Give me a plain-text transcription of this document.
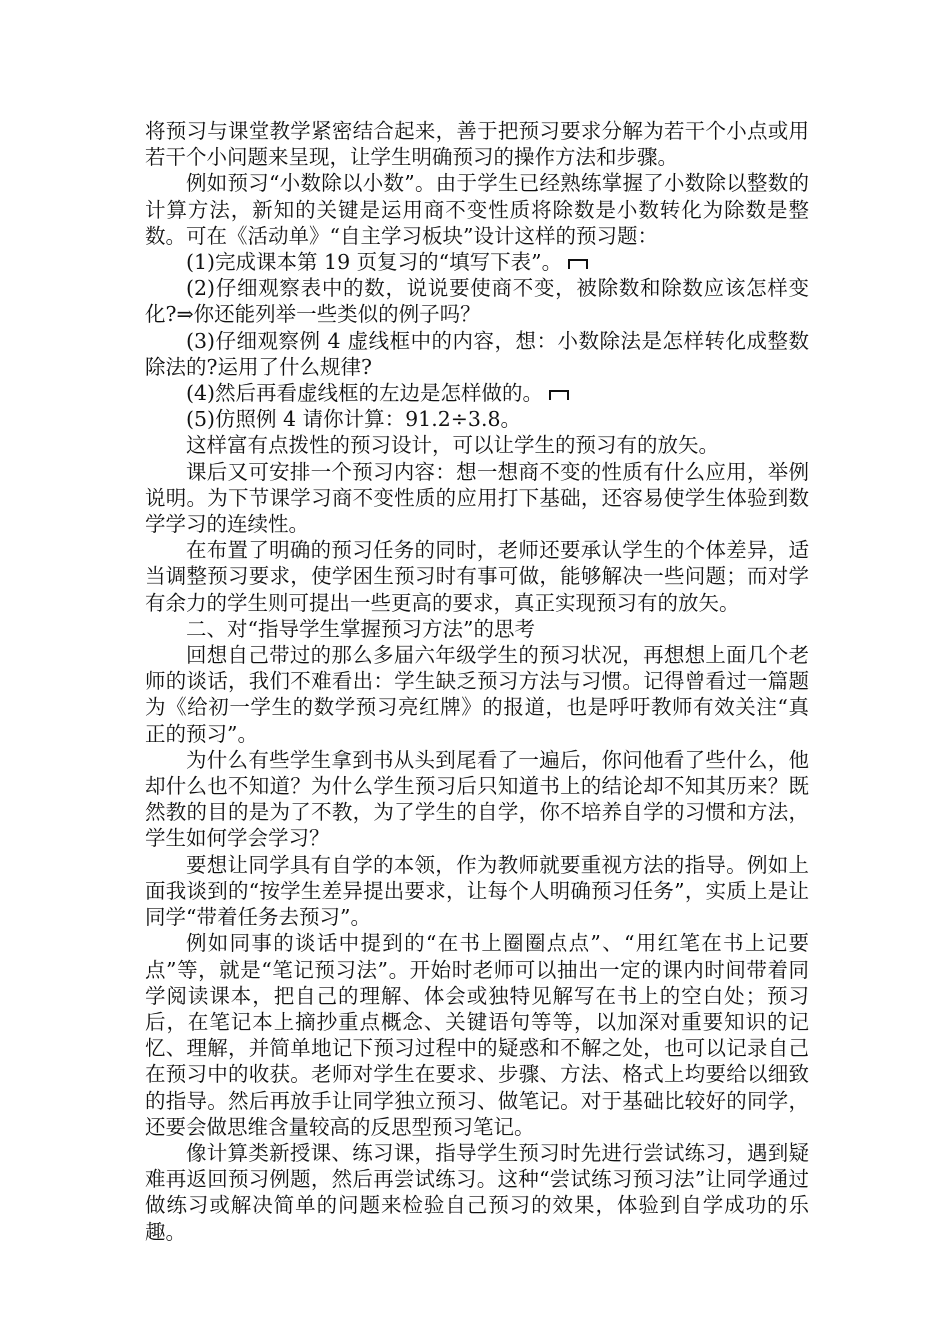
将预习与课堂教学紧密结合起来，善于把预习要求分解为若干个小点或用若干个小问题来呈现，让学生明确预习的操作方法和步骤。

例如预习“小数除以小数”。由于学生已经熟练掌握了小数除以整数的计算方法，新知的关键是运用商不变性质将除数是小数转化为除数是整数。可在《活动单》“自主学习板块”设计这样的预习题：

(1)完成课本第 19 页复习的“填写下表”。

(2)仔细观察表中的数，说说要使商不变，被除数和除数应该怎样变化?⇒你还能列举一些类似的例子吗？

(3)仔细观察例 4 虚线框中的内容，想：小数除法是怎样转化成整数除法的?运用了什么规律?

(4)然后再看虚线框的左边是怎样做的。

(5)仿照例 4 请你计算：91.2÷3.8。

这样富有点拨性的预习设计，可以让学生的预习有的放矢。

课后又可安排一个预习内容：想一想商不变的性质有什么应用，举例说明。为下节课学习商不变性质的应用打下基础，还容易使学生体验到数学学习的连续性。

在布置了明确的预习任务的同时，老师还要承认学生的个体差异，适当调整预习要求，使学困生预习时有事可做，能够解决一些问题；而对学有余力的学生则可提出一些更高的要求，真正实现预习有的放矢。

二、对“指导学生掌握预习方法”的思考

回想自己带过的那么多届六年级学生的预习状况，再想想上面几个老师的谈话，我们不难看出：学生缺乏预习方法与习惯。记得曾看过一篇题为《给初一学生的数学预习亮红牌》的报道，也是呼吁教师有效关注“真正的预习”。

为什么有些学生拿到书从头到尾看了一遍后，你问他看了些什么，他却什么也不知道？为什么学生预习后只知道书上的结论却不知其历来？既然教的目的是为了不教，为了学生的自学，你不培养自学的习惯和方法，学生如何学会学习？

要想让同学具有自学的本领，作为教师就要重视方法的指导。例如上面我谈到的“按学生差异提出要求，让每个人明确预习任务”，实质上是让同学“带着任务去预习”。

例如同事的谈话中提到的“在书上圈圈点点”、“用红笔在书上记要点”等，就是“笔记预习法”。开始时老师可以抽出一定的课内时间带着同学阅读课本，把自己的理解、体会或独特见解写在书上的空白处；预习后，在笔记本上摘抄重点概念、关键语句等等，以加深对重要知识的记忆、理解，并简单地记下预习过程中的疑惑和不解之处，也可以记录自己在预习中的收获。老师对学生在要求、步骤、方法、格式上均要给以细致的指导。然后再放手让同学独立预习、做笔记。对于基础比较好的同学，还要会做思维含量较高的反思型预习笔记。

像计算类新授课、练习课，指导学生预习时先进行尝试练习，遇到疑难再返回预习例题，然后再尝试练习。这种“尝试练习预习法”让同学通过做练习或解决简单的问题来检验自己预习的效果，体验到自学成功的乐趣。
